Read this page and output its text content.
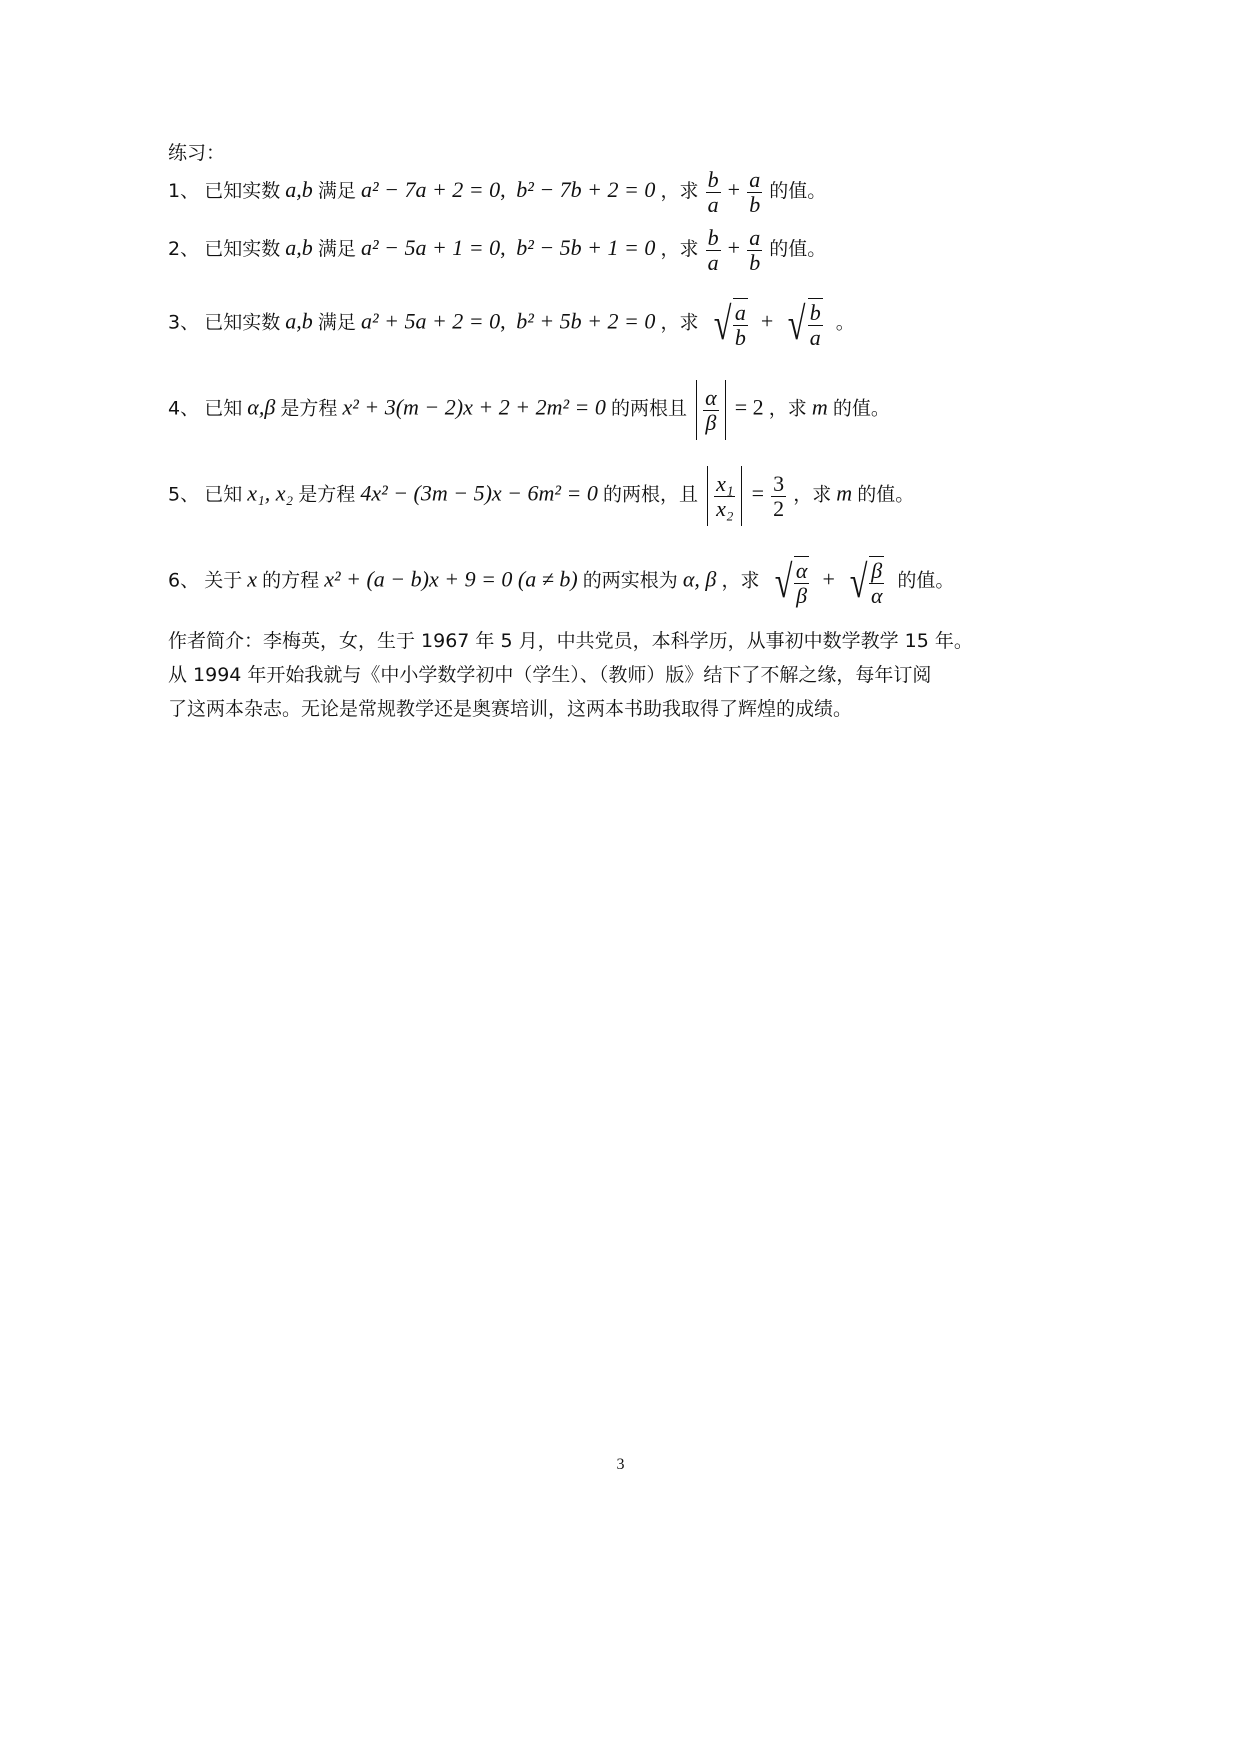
练习：
1、 已知实数 a,b 满足 a² − 7a + 2 = 0,  b² − 7b + 2 = 0 ，求 $\frac{b}{a} + \frac{a}{b}$ 的值。
2、 已知实数 a,b 满足 a² − 5a + 1 = 0,  b² − 5b + 1 = 0 ，求 $\frac{b}{a} + \frac{a}{b}$ 的值。
3、 已知实数 a,b 满足 a² + 5a + 2 = 0,  b² + 5b + 2 = 0 ，求 √ $\frac{a}{b}$ + √ $\frac{b}{a}$ 。
4、 已知 α,β 是方程 x² + 3(m − 2)x + 2 + 2m² = 0 的两根且 $\frac{\alpha}{\beta} = 2$ ，求 m 的值。
5、 已知 x₁, x₂ 是方程 4x² − (3m − 5)x − 6m² = 0 的两根，且 $\frac{\text{x₁}}{\text{x₂}} = \frac{3}{2}$ ，求 m 的值。
6、 关于 x 的方程 x² + (a − b)x + 9 = 0 (a ≠ b) 的两实根为 α, β ，求 √ $\frac{\alpha}{\beta}$ + √ $\frac{\beta}{\alpha}$ 的值。
作者简介：李梅英，女，生于 1967 年 5 月，中共党员，本科学历，从事初中数学教学 15 年。
从 1994 年开始我就与《中小学数学初中（学生）、（教师）版》结下了不解之缘，每年订阅
了这两本杂志。无论是常规教学还是奥赛培训，这两本书助我取得了辉煌的成绩。
3
